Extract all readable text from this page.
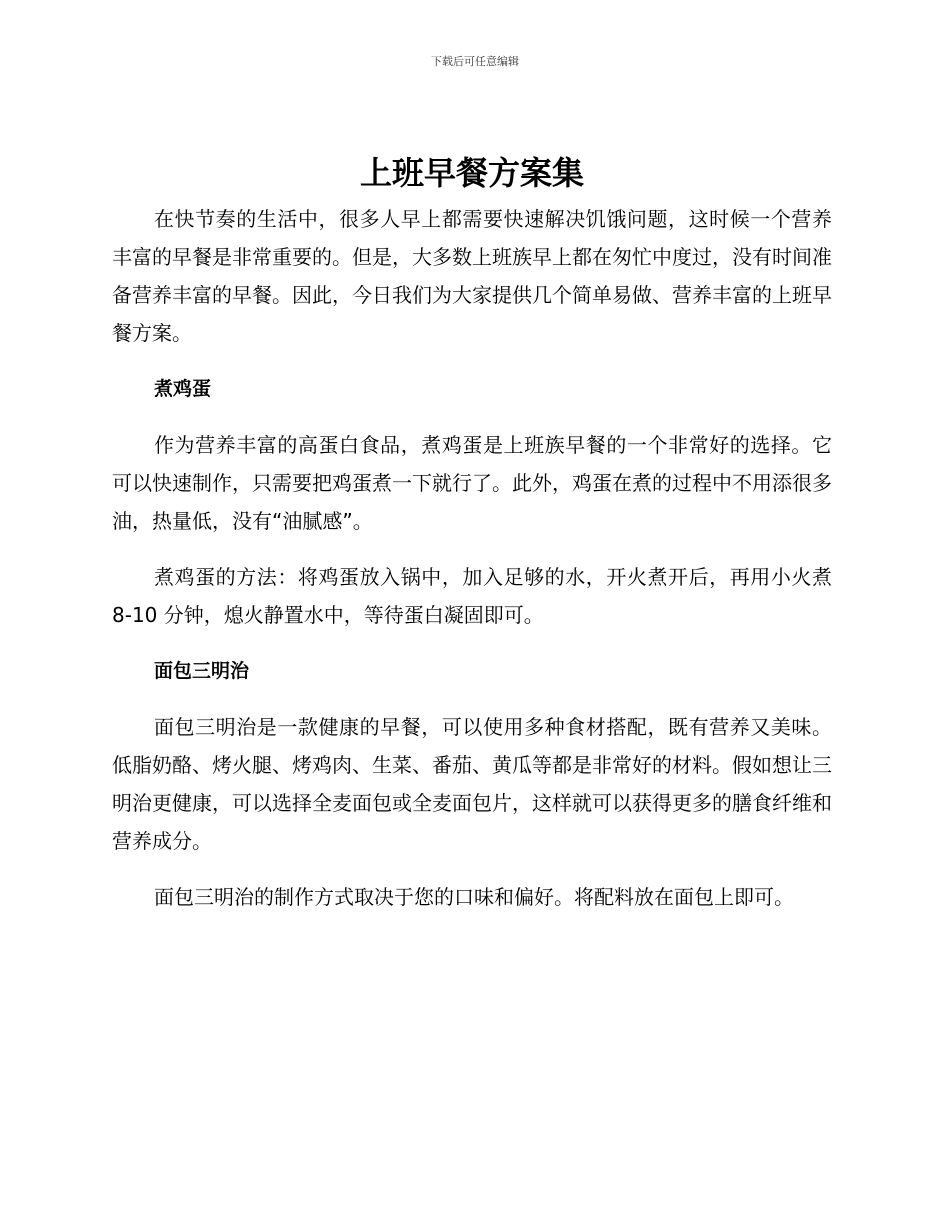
下载后可任意编辑
上班早餐方案集

在快节奏的生活中，很多人早上都需要快速解决饥饿问题，这时候一个营养丰富的早餐是非常重要的。但是，大多数上班族早上都在匆忙中度过，没有时间准备营养丰富的早餐。因此，今日我们为大家提供几个简单易做、营养丰富的上班早餐方案。

煮鸡蛋

作为营养丰富的高蛋白食品，煮鸡蛋是上班族早餐的一个非常好的选择。它可以快速制作，只需要把鸡蛋煮一下就行了。此外，鸡蛋在煮的过程中不用添很多油，热量低，没有“油腻感”。

煮鸡蛋的方法：将鸡蛋放入锅中，加入足够的水，开火煮开后，再用小火煮 8-10 分钟，熄火静置水中，等待蛋白凝固即可。

面包三明治

面包三明治是一款健康的早餐，可以使用多种食材搭配，既有营养又美味。低脂奶酪、烤火腿、烤鸡肉、生菜、番茄、黄瓜等都是非常好的材料。假如想让三明治更健康，可以选择全麦面包或全麦面包片，这样就可以获得更多的膳食纤维和营养成分。

面包三明治的制作方式取决于您的口味和偏好。将配料放在面包上即可。
